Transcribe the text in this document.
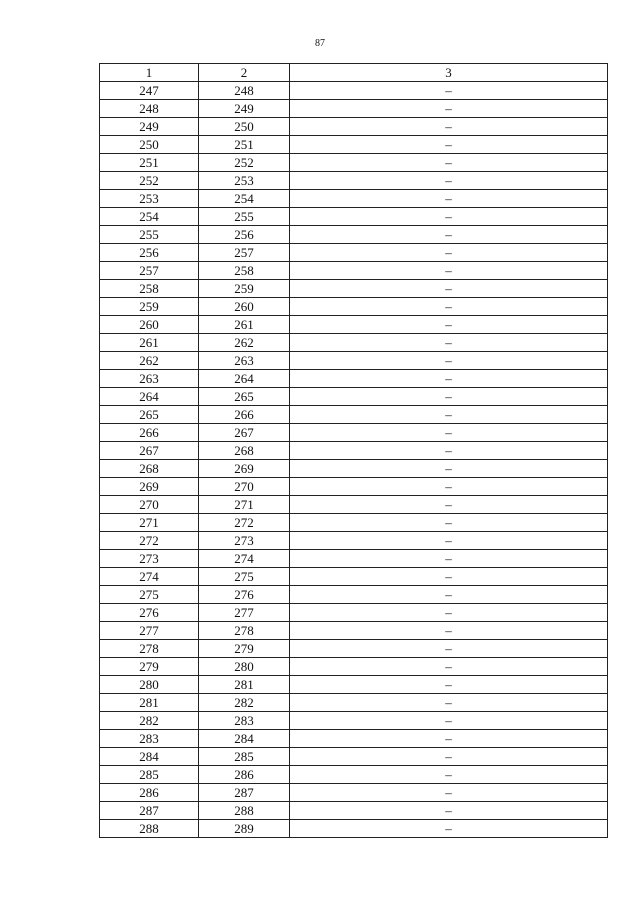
87
1	2	3
247	248	–
248	249	–
249	250	–
250	251	–
251	252	–
252	253	–
253	254	–
254	255	–
255	256	–
256	257	–
257	258	–
258	259	–
259	260	–
260	261	–
261	262	–
262	263	–
263	264	–
264	265	–
265	266	–
266	267	–
267	268	–
268	269	–
269	270	–
270	271	–
271	272	–
272	273	–
273	274	–
274	275	–
275	276	–
276	277	–
277	278	–
278	279	–
279	280	–
280	281	–
281	282	–
282	283	–
283	284	–
284	285	–
285	286	–
286	287	–
287	288	–
288	289	–
